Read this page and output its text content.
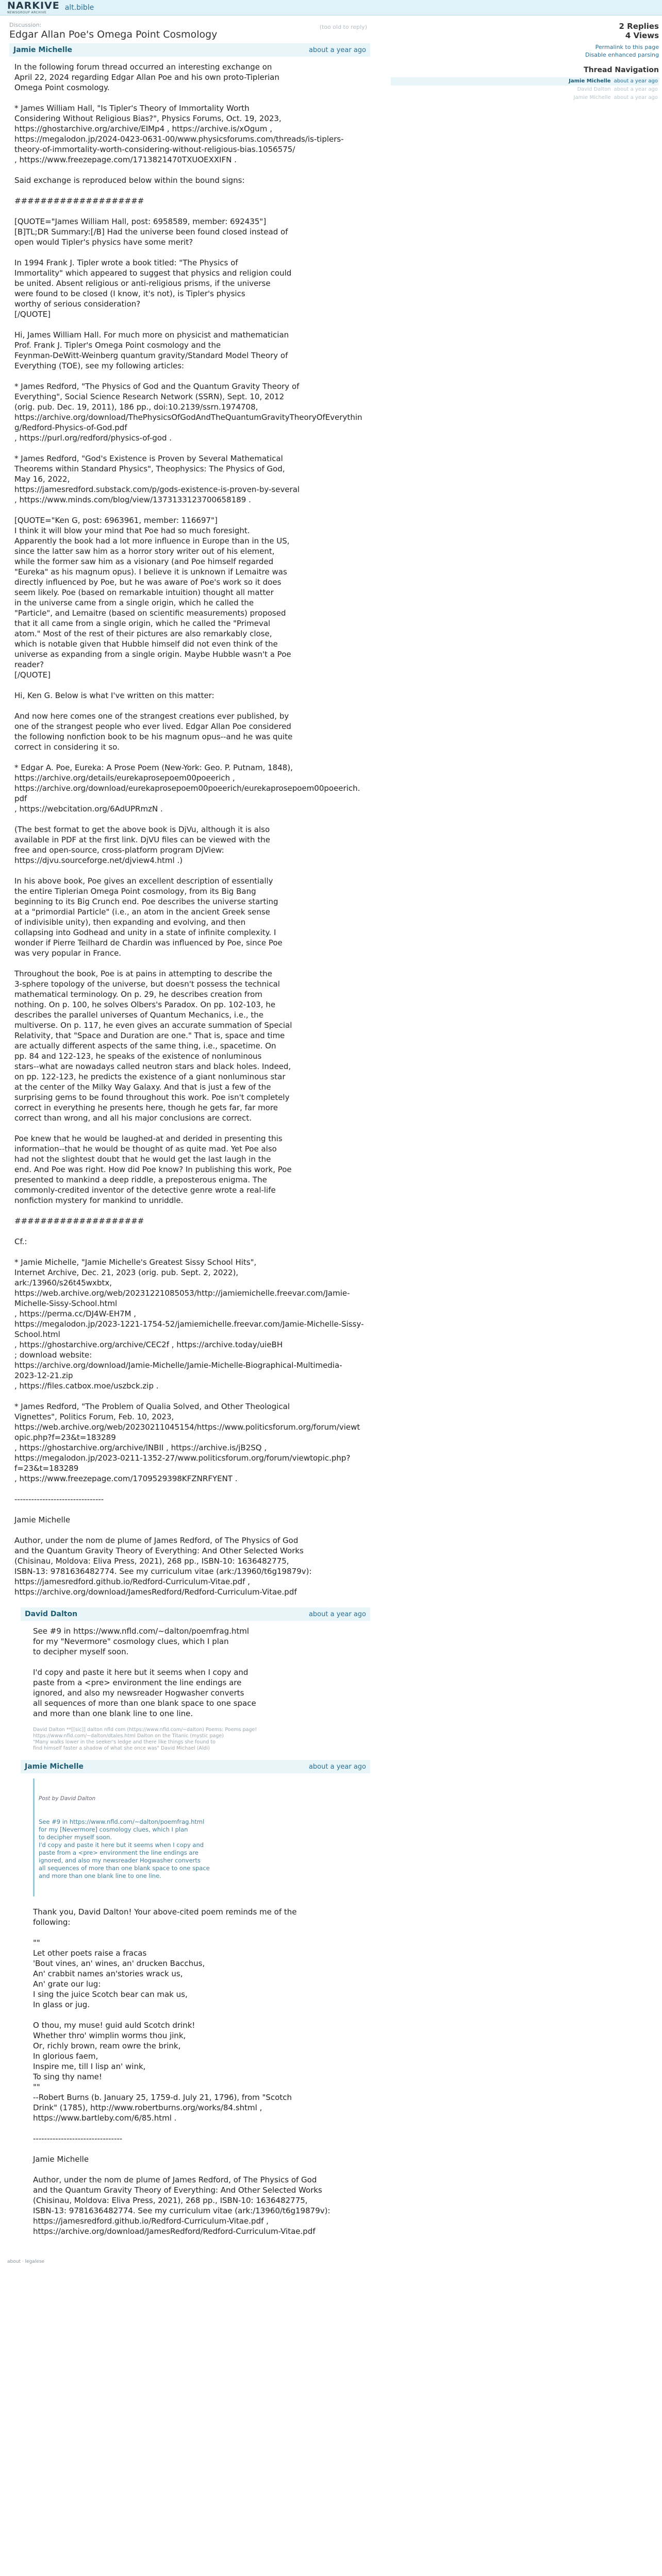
NARKIVE
NEWSGROUP ARCHIVE
alt.bible
Discussion:
Edgar Allan Poe's Omega Point Cosmology
(too old to reply)
Jamie Michelle	about a year ago
In the following forum thread occurred an interesting exchange on
April 22, 2024 regarding Edgar Allan Poe and his own proto-Tiplerian
Omega Point cosmology.

* James William Hall, "Is Tipler's Theory of Immortality Worth
Considering Without Religious Bias?", Physics Forums, Oct. 19, 2023,
https://ghostarchive.org/archive/EIMp4 , https://archive.is/xOgum ,
https://megalodon.jp/2024-0423-0631-00/www.physicsforums.com/threads/is-tiplers-theory-of-immortality-worth-considering-without-religious-bias.1056575/
, https://www.freezepage.com/1713821470TXUOEXXIFN .

Said exchange is reproduced below within the bound signs:

####################

[QUOTE="James William Hall, post: 6958589, member: 692435"]
[B]TL;DR Summary:[/B] Had the universe been found closed instead of
open would Tipler's physics have some merit?

In 1994 Frank J. Tipler wrote a book titled: "The Physics of
Immortality" which appeared to suggest that physics and religion could
be united. Absent religious or anti-religious prisms, if the universe
were found to be closed (I know, it's not), is Tipler's physics
worthy of serious consideration?
[/QUOTE]

Hi, James William Hall. For much more on physicist and mathematician
Prof. Frank J. Tipler's Omega Point cosmology and the
Feynman-DeWitt-Weinberg quantum gravity/Standard Model Theory of
Everything (TOE), see my following articles:

* James Redford, "The Physics of God and the Quantum Gravity Theory of
Everything", Social Science Research Network (SSRN), Sept. 10, 2012
(orig. pub. Dec. 19, 2011), 186 pp., doi:10.2139/ssrn.1974708,
https://archive.org/download/ThePhysicsOfGodAndTheQuantumGravityTheoryOfEverything/Redford-Physics-of-God.pdf
, https://purl.org/redford/physics-of-god .

* James Redford, "God's Existence is Proven by Several Mathematical
Theorems within Standard Physics", Theophysics: The Physics of God,
May 16, 2022,
https://jamesredford.substack.com/p/gods-existence-is-proven-by-several
, https://www.minds.com/blog/view/1373133123700658189 .

[QUOTE="Ken G, post: 6963961, member: 116697"]
I think it will blow your mind that Poe had so much foresight.
Apparently the book had a lot more influence in Europe than in the US,
since the latter saw him as a horror story writer out of his element,
while the former saw him as a visionary (and Poe himself regarded
"Eureka" as his magnum opus). I believe it is unknown if Lemaitre was
directly influenced by Poe, but he was aware of Poe's work so it does
seem likely. Poe (based on remarkable intuition) thought all matter
in the universe came from a single origin, which he called the
"Particle", and Lemaitre (based on scientific measurements) proposed
that it all came from a single origin, which he called the "Primeval
atom." Most of the rest of their pictures are also remarkably close,
which is notable given that Hubble himself did not even think of the
universe as expanding from a single origin. Maybe Hubble wasn't a Poe
reader?
[/QUOTE]

Hi, Ken G. Below is what I've written on this matter:

And now here comes one of the strangest creations ever published, by
one of the strangest people who ever lived. Edgar Allan Poe considered
the following nonfiction book to be his magnum opus--and he was quite
correct in considering it so.

* Edgar A. Poe, Eureka: A Prose Poem (New-York: Geo. P. Putnam, 1848),
https://archive.org/details/eurekaprosepoem00poeerich ,
https://archive.org/download/eurekaprosepoem00poeerich/eurekaprosepoem00poeerich.pdf
, https://webcitation.org/6AdUPRmzN .

(The best format to get the above book is DjVu, although it is also
available in PDF at the first link. DjVU files can be viewed with the
free and open-source, cross-platform program DjView:
https://djvu.sourceforge.net/djview4.html .)

In his above book, Poe gives an excellent description of essentially
the entire Tiplerian Omega Point cosmology, from its Big Bang
beginning to its Big Crunch end. Poe describes the universe starting
at a "primordial Particle" (i.e., an atom in the ancient Greek sense
of indivisible unity), then expanding and evolving, and then
collapsing into Godhead and unity in a state of infinite complexity. I
wonder if Pierre Teilhard de Chardin was influenced by Poe, since Poe
was very popular in France.

Throughout the book, Poe is at pains in attempting to describe the
3-sphere topology of the universe, but doesn't possess the technical
mathematical terminology. On p. 29, he describes creation from
nothing. On p. 100, he solves Olbers's Paradox. On pp. 102-103, he
describes the parallel universes of Quantum Mechanics, i.e., the
multiverse. On p. 117, he even gives an accurate summation of Special
Relativity, that "Space and Duration are one." That is, space and time
are actually different aspects of the same thing, i.e., spacetime. On
pp. 84 and 122-123, he speaks of the existence of nonluminous
stars--what are nowadays called neutron stars and black holes. Indeed,
on pp. 122-123, he predicts the existence of a giant nonluminous star
at the center of the Milky Way Galaxy. And that is just a few of the
surprising gems to be found throughout this work. Poe isn't completely
correct in everything he presents here, though he gets far, far more
correct than wrong, and all his major conclusions are correct.

Poe knew that he would be laughed-at and derided in presenting this
information--that he would be thought of as quite mad. Yet Poe also
had not the slightest doubt that he would get the last laugh in the
end. And Poe was right. How did Poe know? In publishing this work, Poe
presented to mankind a deep riddle, a preposterous enigma. The
commonly-credited inventor of the detective genre wrote a real-life
nonfiction mystery for mankind to unriddle.

####################

Cf.:

* Jamie Michelle, "Jamie Michelle's Greatest Sissy School Hits",
Internet Archive, Dec. 21, 2023 (orig. pub. Sept. 2, 2022),
ark:/13960/s26t45wxbtx,
https://web.archive.org/web/20231221085053/http://jamiemichelle.freevar.com/Jamie-Michelle-Sissy-School.html
, https://perma.cc/DJ4W-EH7M ,
https://megalodon.jp/2023-1221-1754-52/jamiemichelle.freevar.com/Jamie-Michelle-Sissy-School.html
, https://ghostarchive.org/archive/CEC2f , https://archive.today/uieBH
; download website:
https://archive.org/download/Jamie-Michelle/Jamie-Michelle-Biographical-Multimedia-2023-12-21.zip
, https://files.catbox.moe/uszbck.zip .

* James Redford, "The Problem of Qualia Solved, and Other Theological
Vignettes", Politics Forum, Feb. 10, 2023,
https://web.archive.org/web/20230211045154/https://www.politicsforum.org/forum/viewtopic.php?f=23&t=183289
, https://ghostarchive.org/archive/lNBII , https://archive.is/jB2SQ ,
https://megalodon.jp/2023-0211-1352-27/www.politicsforum.org/forum/viewtopic.php?f=23&t=183289
, https://www.freezepage.com/1709529398KFZNRFYENT .

--------------------------------

Jamie Michelle

Author, under the nom de plume of James Redford, of The Physics of God
and the Quantum Gravity Theory of Everything: And Other Selected Works
(Chisinau, Moldova: Eliva Press, 2021), 268 pp., ISBN-10: 1636482775,
ISBN-13: 9781636482774. See my curriculum vitae (ark:/13960/t6g19879v):
https://jamesredford.github.io/Redford-Curriculum-Vitae.pdf ,
https://archive.org/download/JamesRedford/Redford-Curriculum-Vitae.pdf
David Dalton	about a year ago
See #9 in https://www.nfld.com/~dalton/poemfrag.html
for my "Nevermore" cosmology clues, which I plan
to decipher myself soon.

I'd copy and paste it here but it seems when I copy and
paste from a <pre> environment the line endings are
ignored, and also my newsreader Hogwasher converts
all sequences of more than one blank space to one space
and more than one blank line to one line.
David Dalton **[[sic]] dalton nfld com (https://www.nfld.com/~dalton) Poems: Poems page!
https://www.nfld.com/~dalton/dtales.html Dalton on the Titanic (mystic page)
"Many walks lower in the seeker's ledge and there like things she found to
find himself faster a shadow of what she once was" David Michael (Aldi)
Jamie Michelle	about a year ago

Post by David Dalton

See #9 in https://www.nfld.com/~dalton/poemfrag.html
for my [Nevermore] cosmology clues, which I plan
to decipher myself soon.
I'd copy and paste it here but it seems when I copy and
paste from a <pre> environment the line endings are
ignored, and also my newsreader Hogwasher converts
all sequences of more than one blank space to one space
and more than one blank line to one line.

Thank you, David Dalton! Your above-cited poem reminds me of the
following:

""
Let other poets raise a fracas
'Bout vines, an' wines, an' drucken Bacchus,
An' crabbit names an'stories wrack us,
An' grate our lug:
I sing the juice Scotch bear can mak us,
In glass or jug.

O thou, my muse! guid auld Scotch drink!
Whether thro' wimplin worms thou jink,
Or, richly brown, ream owre the brink,
In glorious faem,
Inspire me, till I lisp an' wink,
To sing thy name!
""
--Robert Burns (b. January 25, 1759-d. July 21, 1796), from "Scotch
Drink" (1785), http://www.robertburns.org/works/84.shtml ,
https://www.bartleby.com/6/85.html .

--------------------------------

Jamie Michelle

Author, under the nom de plume of James Redford, of The Physics of God
and the Quantum Gravity Theory of Everything: And Other Selected Works
(Chisinau, Moldova: Eliva Press, 2021), 268 pp., ISBN-10: 1636482775,
ISBN-13: 9781636482774. See my curriculum vitae (ark:/13960/t6g19879v):
https://jamesredford.github.io/Redford-Curriculum-Vitae.pdf ,
https://archive.org/download/JamesRedford/Redford-Curriculum-Vitae.pdf
2 Replies
4 Views
Permalink to this page
Disable enhanced parsing
Thread Navigation
Jamie Michelle about a year ago
David Dalton about a year ago
Jamie Michelle about a year ago
about · legalese
